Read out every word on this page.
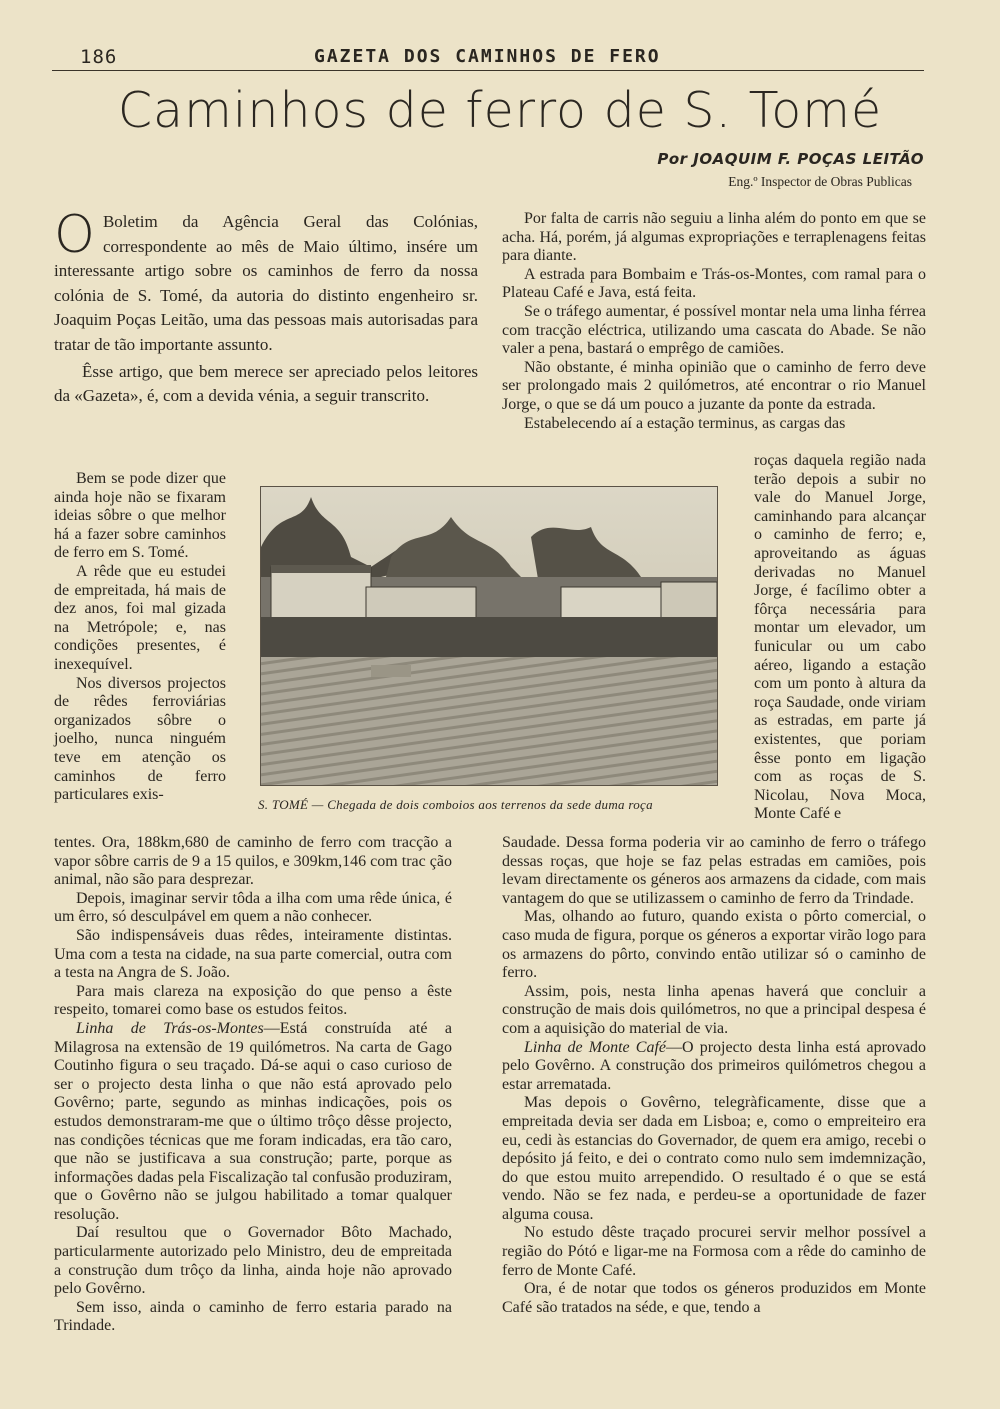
186	GAZETA DOS CAMINHOS DE FERO
Caminhos de ferro de S. Tomé
Por JOAQUIM F. POÇAS LEITÃO
Eng.º Inspector de Obras Publicas

O Boletim da Agência Geral das Colónias, correspondente ao mês de Maio último, insére um interessante artigo sobre os caminhos de ferro da nossa colónia de S. Tomé, da autoria do distinto engenheiro sr. Joaquim Poças Leitão, uma das pessoas mais autorisadas para tratar de tão importante assunto.

Êsse artigo, que bem merece ser apreciado pelos leitores da «Gazeta», é, com a devida vénia, a seguir transcrito.

Bem se pode dizer que ainda hoje não se fixaram ideias sôbre o que melhor há a fazer sobre caminhos de ferro em S. Tomé.

A rêde que eu estudei de empreitada, há mais de dez anos, foi mal gizada na Metrópole; e, nas condições presentes, é inexequível.

Nos diversos projectos de rêdes ferroviárias organizados sôbre o joelho, nunca ninguém teve em atenção os caminhos de ferro particulares exis-

S. TOMÉ — Chegada de dois comboios aos terrenos da sede duma roça

tentes. Ora, 188km,680 de caminho de ferro com tracção a vapor sôbre carris de 9 a 15 quilos, e 309km,146 com trac ção animal, não são para desprezar.

Depois, imaginar servir tôda a ilha com uma rêde única, é um êrro, só desculpável em quem a não conhecer.

São indispensáveis duas rêdes, inteiramente distintas. Uma com a testa na cidade, na sua parte comercial, outra com a testa na Angra de S. João.

Para mais clareza na exposição do que penso a êste respeito, tomarei como base os estudos feitos.

Linha de Trás-os-Montes—Está construída até a Milagrosa na extensão de 19 quilómetros. Na carta de Gago Coutinho figura o seu traçado. Dá-se aqui o caso curioso de ser o projecto desta linha o que não está aprovado pelo Govêrno; parte, segundo as minhas indicações, pois os estudos demonstraram-me que o último trôço dêsse projecto, nas condições técnicas que me foram indicadas, era tão caro, que não se justificava a sua construção; parte, porque as informações dadas pela Fiscalização tal confusão produziram, que o Govêrno não se julgou habilitado a tomar qualquer resolução.

Daí resultou que o Governador Bôto Machado, particularmente autorizado pelo Ministro, deu de empreitada a construção dum trôço da linha, ainda hoje não aprovado pelo Govêrno.

Sem isso, ainda o caminho de ferro estaria parado na Trindade.

Por falta de carris não seguiu a linha além do ponto em que se acha. Há, porém, já algumas expropriações e terraplenagens feitas para diante.

A estrada para Bombaim e Trás-os-Montes, com ramal para o Plateau Café e Java, está feita.

Se o tráfego aumentar, é possível montar nela uma linha férrea com tracção eléctrica, utilizando uma cascata do Abade. Se não valer a pena, bastará o emprêgo de camiões.

Não obstante, é minha opinião que o caminho de ferro deve ser prolongado mais 2 quilómetros, até encontrar o rio Manuel Jorge, o que se dá um pouco a juzante da ponte da estrada.

Estabelecendo aí a estação terminus, as cargas das

roças daquela região nada terão depois a subir no vale do Manuel Jorge, caminhando para alcançar o caminho de ferro; e, aproveitando as águas derivadas no Manuel Jorge, é facílimo obter a fôrça necessária para montar um elevador, um funicular ou um cabo aéreo, ligando a estação com um ponto à altura da roça Saudade, onde viriam as estradas, em parte já existentes, que poriam êsse ponto em ligação com as roças de S. Nicolau, Nova Moca, Monte Café e

Saudade. Dessa forma poderia vir ao caminho de ferro o tráfego dessas roças, que hoje se faz pelas estradas em camiões, pois levam directamente os géneros aos armazens da cidade, com mais vantagem do que se utilizassem o caminho de ferro da Trindade.

Mas, olhando ao futuro, quando exista o pôrto comercial, o caso muda de figura, porque os géneros a exportar virão logo para os armazens do pôrto, convindo então utilizar só o caminho de ferro.

Assim, pois, nesta linha apenas haverá que concluir a construção de mais dois quilómetros, no que a principal despesa é com a aquisição do material de via.

Linha de Monte Café—O projecto desta linha está aprovado pelo Govêrno. A construção dos primeiros quilómetros chegou a estar arrematada.

Mas depois o Govêrno, telegràficamente, disse que a empreitada devia ser dada em Lisboa; e, como o empreiteiro era eu, cedi às estancias do Governador, de quem era amigo, recebi o depósito já feito, e dei o contrato como nulo sem imdemnização, do que estou muito arrependido. O resultado é o que se está vendo. Não se fez nada, e perdeu-se a oportunidade de fazer alguma cousa.

No estudo dêste traçado procurei servir melhor possível a região do Pótó e ligar-me na Formosa com a rêde do caminho de ferro de Monte Café.

Ora, é de notar que todos os géneros produzidos em Monte Café são tratados na séde, e que, tendo a
